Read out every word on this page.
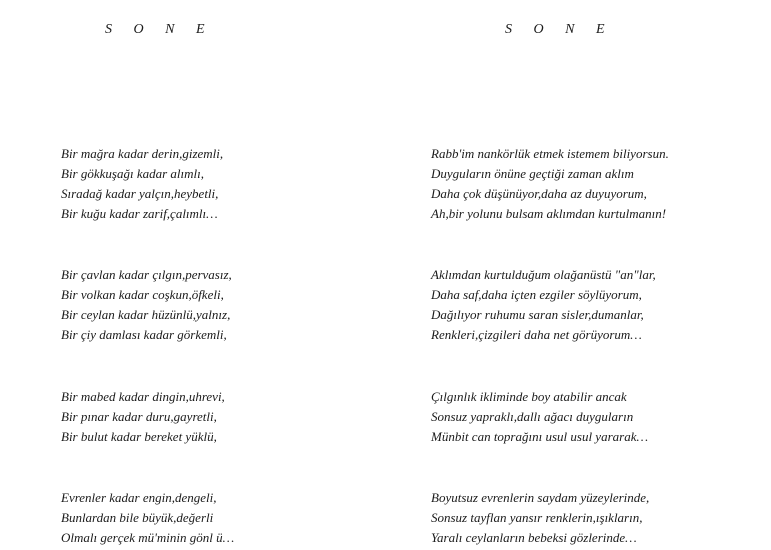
S O N E
Bir mağra kadar derin,gizemli,
Bir gökkuşağı kadar alımlı,
Sıradağ kadar yalçın,heybetli,
Bir kuğu kadar zarif,çalımlı…
Bir çavlan kadar çılgın,pervasız,
Bir volkan kadar coşkun,öfkeli,
Bir ceylan kadar hüzünlü,yalnız,
Bir çiy damlası kadar görkemli,
Bir mabed kadar dingin,uhrevi,
Bir pınar kadar duru,gayretli,
Bir bulut kadar bereket yüklü,
Evrenler kadar engin,dengeli,
Bunlardan bile büyük,değerli
Olmalı gerçek mü'minin gönl ü…
S O N E
Rabb'im nankörlük etmek istemem biliyorsun.
Duyguların önüne geçtiği zaman aklım
Daha çok düşünüyor,daha az duyuyorum,
Ah,bir yolunu bulsam aklımdan kurtulmanın!
Aklımdan kurtulduğum olağanüstü "an"lar,
Daha saf,daha içten ezgiler söylüyorum,
Dağılıyor ruhumu saran sisler,dumanlar,
Renkleri,çizgileri daha net görüyorum…
Çılgınlık ikliminde boy atabilir ancak
Sonsuz yapraklı,dallı ağacı duyguların
Münbit can toprağını usul usul yararak…
Boyutsuz evrenlerin saydam yüzeylerinde,
Sonsuz tayflan yansır renklerin,ışıkların,
Yaralı ceylanların bebeksi gözlerinde…
